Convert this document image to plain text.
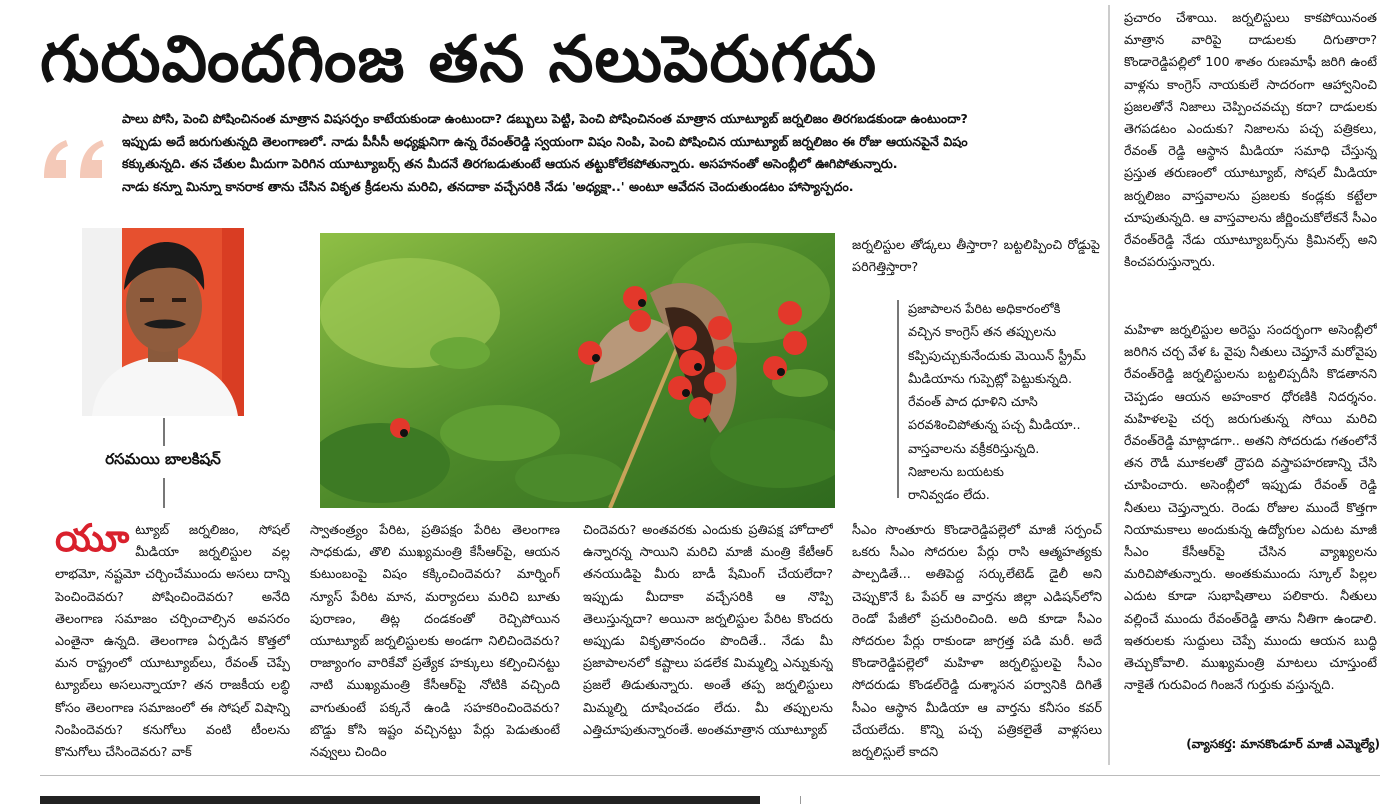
గురువిందగింజ తన నలుపెరుగదు
పాలు పోసి, పెంచి పోషించినంత మాత్రాన విషసర్పం కాటేయకుండా ఉంటుందా? డబ్బులు పెట్టి, పెంచి పోషించినంత మాత్రాన యూట్యూబ్ జర్నలిజం తిరగబడకుండా ఉంటుందా?
ఇప్పుడు అదే జరుగుతున్నది తెలంగాణలో. నాడు పీసీసీ అధ్యక్షునిగా ఉన్న రేవంత్‌రెడ్డి స్వయంగా విషం నింపి, పెంచి పోషించిన యూట్యూబ్ జర్నలిజం ఈ రోజు ఆయనపైనే విషం
కక్కుతున్నది. తన చేతుల మీదుగా పెరిగిన యూట్యూబర్స్ తన మీదనే తిరగబడుతుంటే ఆయన తట్టుకోలేకపోతున్నారు. అసహనంతో అసెంబ్లీలో ఊగిపోతున్నారు.
నాడు కన్నూ మిన్నూ కానరాక తాను చేసిన వికృత క్రీడలను మరిచి, తనదాకా వచ్చేసరికి నేడు 'అధ్యక్షా..' అంటూ ఆవేదన చెందుతుండటం హాస్యాస్పదం.
రసమయి బాలకిషన్
యూ ట్యూబ్ జర్నలిజం, సోషల్ మీడియా జర్నలిస్టుల వల్ల లాభమో, నష్టమో చర్చించేముందు అసలు దాన్ని పెంచిందెవరు? పోషించిందెవరు? అనేది తెలంగాణ సమాజం చర్చించాల్సిన అవసరం ఎంతైనా ఉన్నది. తెలంగాణ ఏర్పడిన కొత్తలో మన రాష్ట్రంలో యూట్యూబ్‌లు, రేవంత్ చెప్పే ట్యూబ్‌లు అసలున్నాయా? తన రాజకీయ లబ్ధి కోసం తెలంగాణ సమాజంలో ఈ సోషల్ విషాన్ని నింపిందెవరు? కనుగోలు వంటి టీంలను కొనుగోలు చేసిందెవరు? వాక్

స్వాతంత్ర్యం పేరిట, ప్రతిపక్షం పేరిట తెలంగాణ సాధకుడు, తొలి ముఖ్యమంత్రి కేసీఆర్‌పై, ఆయన కుటుంబంపై విషం కక్కించిందెవరు? మార్నింగ్ న్యూస్ పేరిట మాన, మర్యాదలు మరిచి బూతు పురాణం, తిట్ల దండకంతో రెచ్చిపోయిన యూట్యూబ్ జర్నలిస్టులకు అండగా నిలిచిందెవరు? రాజ్యాంగం వారికేవో ప్రత్యేక హక్కులు కల్పించినట్టు నాటి ముఖ్యమంత్రి కేసీఆర్‌పై నోటికి వచ్చింది వాగుతుంటే పక్కనే ఉండి సహకరించిందెవరు? బొడ్డు కోసి ఇష్టం వచ్చినట్టు పేర్లు పెడుతుంటే నవ్వులు చిందిం

చిందెవరు? అంతవరకు ఎందుకు ప్రతిపక్ష హోదాలో ఉన్నారన్న సాయిని మరిచి మాజీ మంత్రి కేటీఆర్ తనయుడిపై మీరు బాడీ షేమింగ్ చేయలేదా? ఇప్పుడు మీదాకా వచ్చేసరికి ఆ నొప్పి తెలుస్తున్నదా? అయినా జర్నలిస్టుల పేరిట కొందరు అప్పుడు వికృతానందం పొందితే.. నేడు మీ ప్రజాపాలనలో కష్టాలు పడలేక మిమ్మల్ని ఎన్నుకున్న ప్రజలే తిడుతున్నారు. అంతే తప్ప జర్నలిస్టులు మిమ్మల్ని దూషించడం లేదు. మీ తప్పులను ఎత్తిచూపుతున్నారంతే. అంతమాత్రాన యూట్యూబ్

జర్నలిస్టుల తోడ్కలు తీస్తారా? బట్టలిప్పించి రోడ్డుపై పరిగెత్తిస్తారా?

ప్రజాపాలన పేరిట అధికారంలోకి
వచ్చిన కాంగ్రెస్ తన తప్పులను
కప్పిపుచ్చుకునేందుకు మెయిన్ స్ట్రీమ్
మీడియాను గుప్పెట్లో పెట్టుకున్నది.
రేవంత్ పాద ధూళిని చూసి
పరవశించిపోతున్న పచ్చ మీడియా..
వాస్తవాలను వక్రీకరిస్తున్నది.
నిజాలను బయటకు
రానివ్వడం లేదు.

సీఎం సొంతూరు కొండారెడ్డిపల్లెలో మాజీ సర్పంచ్ ఒకరు సీఎం సోదరుల పేర్లు రాసి ఆత్మహత్యకు పాల్పడితే... అతిపెద్ద సర్కులేటెడ్ డైలీ అని చెప్పుకొనే ఓ పేపర్ ఆ వార్తను జిల్లా ఎడిషన్‌లోని రెండో పేజీలో ప్రచురించింది. అది కూడా సీఎం సోదరుల పేర్లు రాకుండా జాగ్రత్త పడి మరీ. అదే కొండారెడ్డిపల్లెలో మహిళా జర్నలిస్టులపై సీఎం సోదరుడు కొండల్‌రెడ్డి దుశ్శాసన పర్వానికి దిగితే సీఎం ఆస్థాన మీడియా ఆ వార్తను కనీసం కవర్ చేయలేదు. కొన్ని పచ్చ పత్రికలైతే వాళ్లసలు జర్నలిస్టులే కాదని

ప్రచారం చేశాయి. జర్నలిస్టులు కాకపోయినంత మాత్రాన వారిపై దాడులకు దిగుతారా? కొండారెడ్డిపల్లిలో 100 శాతం రుణమాఫీ జరిగి ఉంటే వాళ్లను కాంగ్రెస్ నాయకులే సాదరంగా ఆహ్వానించి ప్రజలతోనే నిజాలు చెప్పించవచ్చు కదా? దాడులకు తెగపడటం ఎందుకు? నిజాలను పచ్చ పత్రికలు, రేవంత్ రెడ్డి ఆస్థాన మీడియా సమాధి చేస్తున్న ప్రస్తుత తరుణంలో యూట్యూబ్, సోషల్ మీడియా జర్నలిజం వాస్తవాలను ప్రజలకు కండ్లకు కట్టేలా చూపుతున్నది. ఆ వాస్తవాలను జీర్ణించుకోలేకనే సీఎం రేవంత్‌రెడ్డి నేడు యూట్యూబర్స్‌ను క్రిమినల్స్ అని కించపరుస్తున్నారు.

మహిళా జర్నలిస్టుల అరెస్టు సందర్భంగా అసెంబ్లీలో జరిగిన చర్చ వేళ ఓ వైపు నీతులు చెప్తూనే మరోవైపు రేవంత్‌రెడ్డి జర్నలిస్టులను బట్టలిప్పదీసి కొడతానని చెప్పడం ఆయన అహంకార ధోరణికి నిదర్శనం. మహిళలపై చర్చ జరుగుతున్న సోయి మరిచి రేవంత్‌రెడ్డి మాట్లాడగా.. అతని సోదరుడు గతంలోనే తన రౌడీ మూకలతో ద్రౌపది వస్త్రాపహరణాన్ని చేసి చూపించారు. అసెంబ్లీలో ఇప్పుడు రేవంత్ రెడ్డి నీతులు చెప్తున్నారు. రెండు రోజుల ముందే కొత్తగా నియామకాలు అందుకున్న ఉద్యోగుల ఎదుట మాజీ సీఎం కేసీఆర్‌పై చేసిన వ్యాఖ్యలను మరిచిపోతున్నారు. అంతకుముందు స్కూల్ పిల్లల ఎదుట కూడా సుభాషితాలు పలికారు. నీతులు వల్లించే ముందు రేవంత్‌రెడ్డి తాను నీతిగా ఉండాలి. ఇతరులకు సుద్దులు చెప్పే ముందు ఆయన బుద్ధి తెచ్చుకోవాలి. ముఖ్యమంత్రి మాటలు చూస్తుంటే నాకైతే గురువింద గింజనే గుర్తుకు వస్తున్నది.

(వ్యాసకర్త: మానకొండూర్ మాజీ ఎమ్మెల్యే)
